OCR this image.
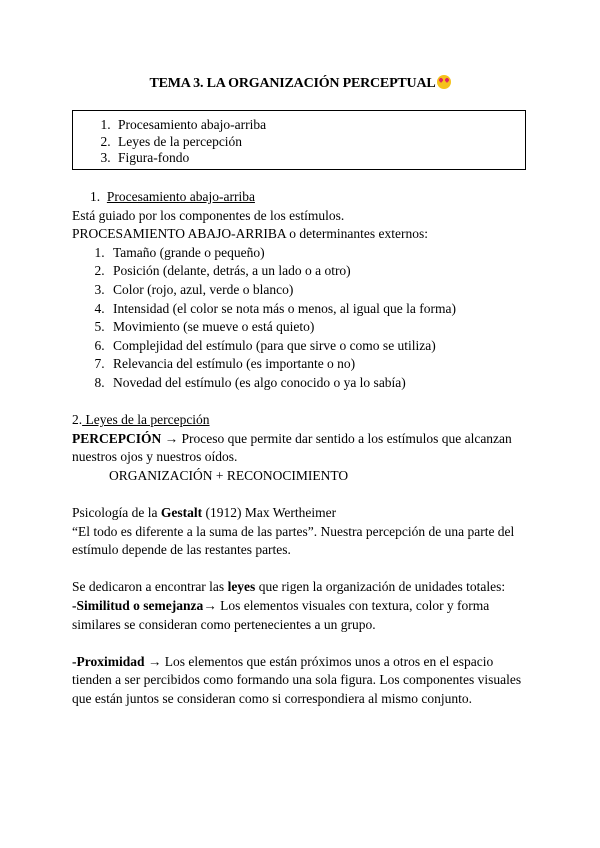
TEMA 3. LA ORGANIZACIÓN PERCEPTUAL
1. Procesamiento abajo-arriba
2. Leyes de la percepción
3. Figura-fondo

1. Procesamiento abajo-arriba

Está guiado por los componentes de los estímulos.

PROCESAMIENTO ABAJO-ARRIBA o determinantes externos:

1. Tamaño (grande o pequeño)
2. Posición (delante, detrás, a un lado o a otro)
3. Color (rojo, azul, verde o blanco)
4. Intensidad (el color se nota más o menos, al igual que la forma)
5. Movimiento (se mueve o está quieto)
6. Complejidad del estímulo (para que sirve o como se utiliza)
7. Relevancia del estímulo (es importante o no)
8. Novedad del estímulo (es algo conocido o ya lo sabía)

2. Leyes de la percepción

PERCEPCIÓN → Proceso que permite dar sentido a los estímulos que alcanzan nuestros ojos y nuestros oídos.

ORGANIZACIÓN + RECONOCIMIENTO

Psicología de la Gestalt (1912) Max Wertheimer

“El todo es diferente a la suma de las partes”. Nuestra percepción de una parte del estímulo depende de las restantes partes.

Se dedicaron a encontrar las leyes que rigen la organización de unidades totales:

-Similitud o semejanza→ Los elementos visuales con textura, color y forma similares se consideran como pertenecientes a un grupo.

-Proximidad → Los elementos que están próximos unos a otros en el espacio tienden a ser percibidos como formando una sola figura. Los componentes visuales que están juntos se consideran como si correspondiera al mismo conjunto.
